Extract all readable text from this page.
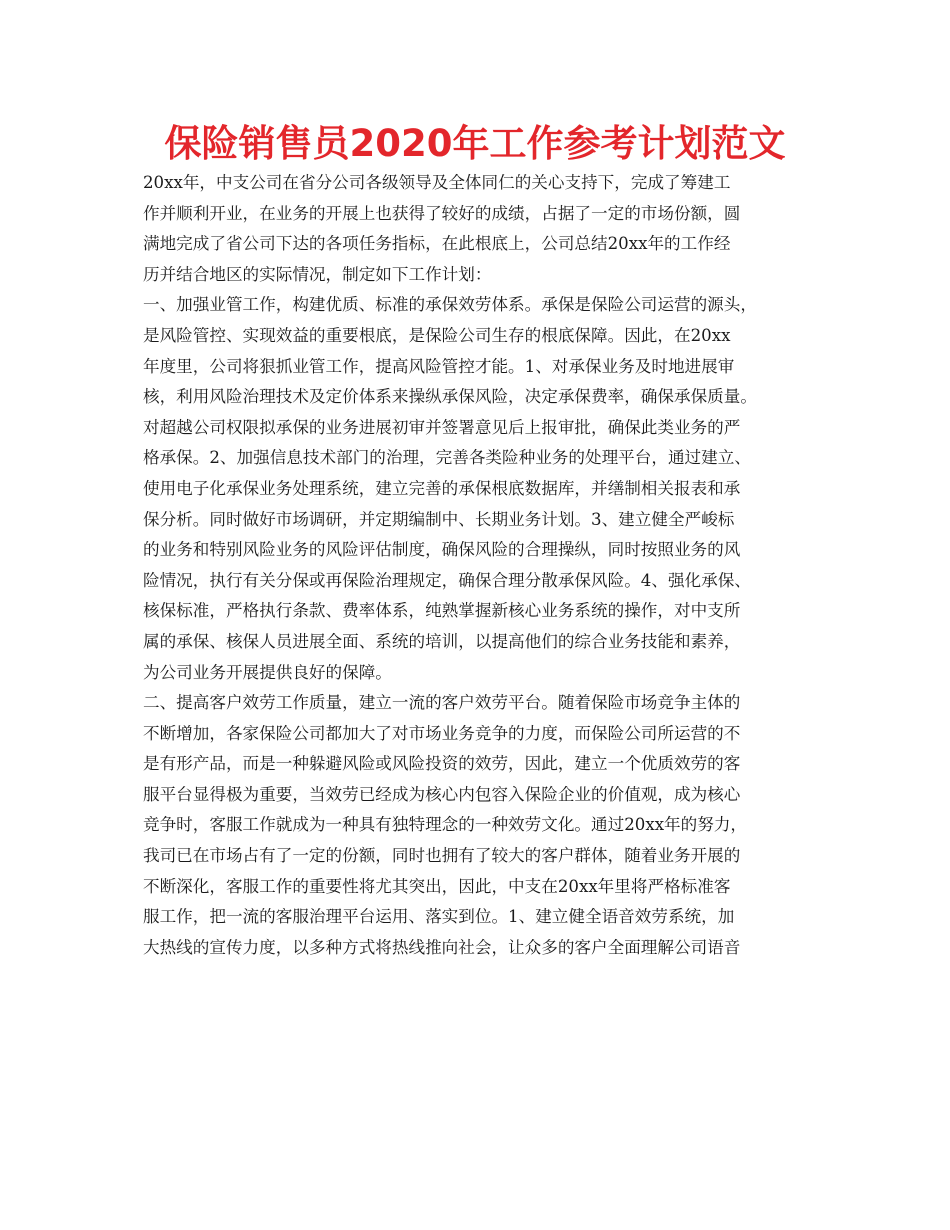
保险销售员2020年工作参考计划范文
20xx年，中支公司在省分公司各级领导及全体同仁的关心支持下，完成了筹建工
作并顺利开业，在业务的开展上也获得了较好的成绩，占据了一定的市场份额，圆
满地完成了省公司下达的各项任务指标，在此根底上，公司总结20xx年的工作经
历并结合地区的实际情况，制定如下工作计划：
一、加强业管工作，构建优质、标准的承保效劳体系。承保是保险公司运营的源头，
是风险管控、实现效益的重要根底，是保险公司生存的根底保障。因此，在20xx
年度里，公司将狠抓业管工作，提高风险管控才能。1、对承保业务及时地进展审
核，利用风险治理技术及定价体系来操纵承保风险，决定承保费率，确保承保质量。
对超越公司权限拟承保的业务进展初审并签署意见后上报审批，确保此类业务的严
格承保。2、加强信息技术部门的治理，完善各类险种业务的处理平台，通过建立、
使用电子化承保业务处理系统，建立完善的承保根底数据库，并缮制相关报表和承
保分析。同时做好市场调研，并定期编制中、长期业务计划。3、建立健全严峻标
的业务和特别风险业务的风险评估制度，确保风险的合理操纵，同时按照业务的风
险情况，执行有关分保或再保险治理规定，确保合理分散承保风险。4、强化承保、
核保标准，严格执行条款、费率体系，纯熟掌握新核心业务系统的操作，对中支所
属的承保、核保人员进展全面、系统的培训，以提高他们的综合业务技能和素养，
为公司业务开展提供良好的保障。
二、提高客户效劳工作质量，建立一流的客户效劳平台。随着保险市场竞争主体的
不断增加，各家保险公司都加大了对市场业务竞争的力度，而保险公司所运营的不
是有形产品，而是一种躲避风险或风险投资的效劳，因此，建立一个优质效劳的客
服平台显得极为重要，当效劳已经成为核心内包容入保险企业的价值观，成为核心
竞争时，客服工作就成为一种具有独特理念的一种效劳文化。通过20xx年的努力，
我司已在市场占有了一定的份额，同时也拥有了较大的客户群体，随着业务开展的
不断深化，客服工作的重要性将尤其突出，因此，中支在20xx年里将严格标准客
服工作，把一流的客服治理平台运用、落实到位。1、建立健全语音效劳系统，加
大热线的宣传力度，以多种方式将热线推向社会，让众多的客户全面理解公司语音
